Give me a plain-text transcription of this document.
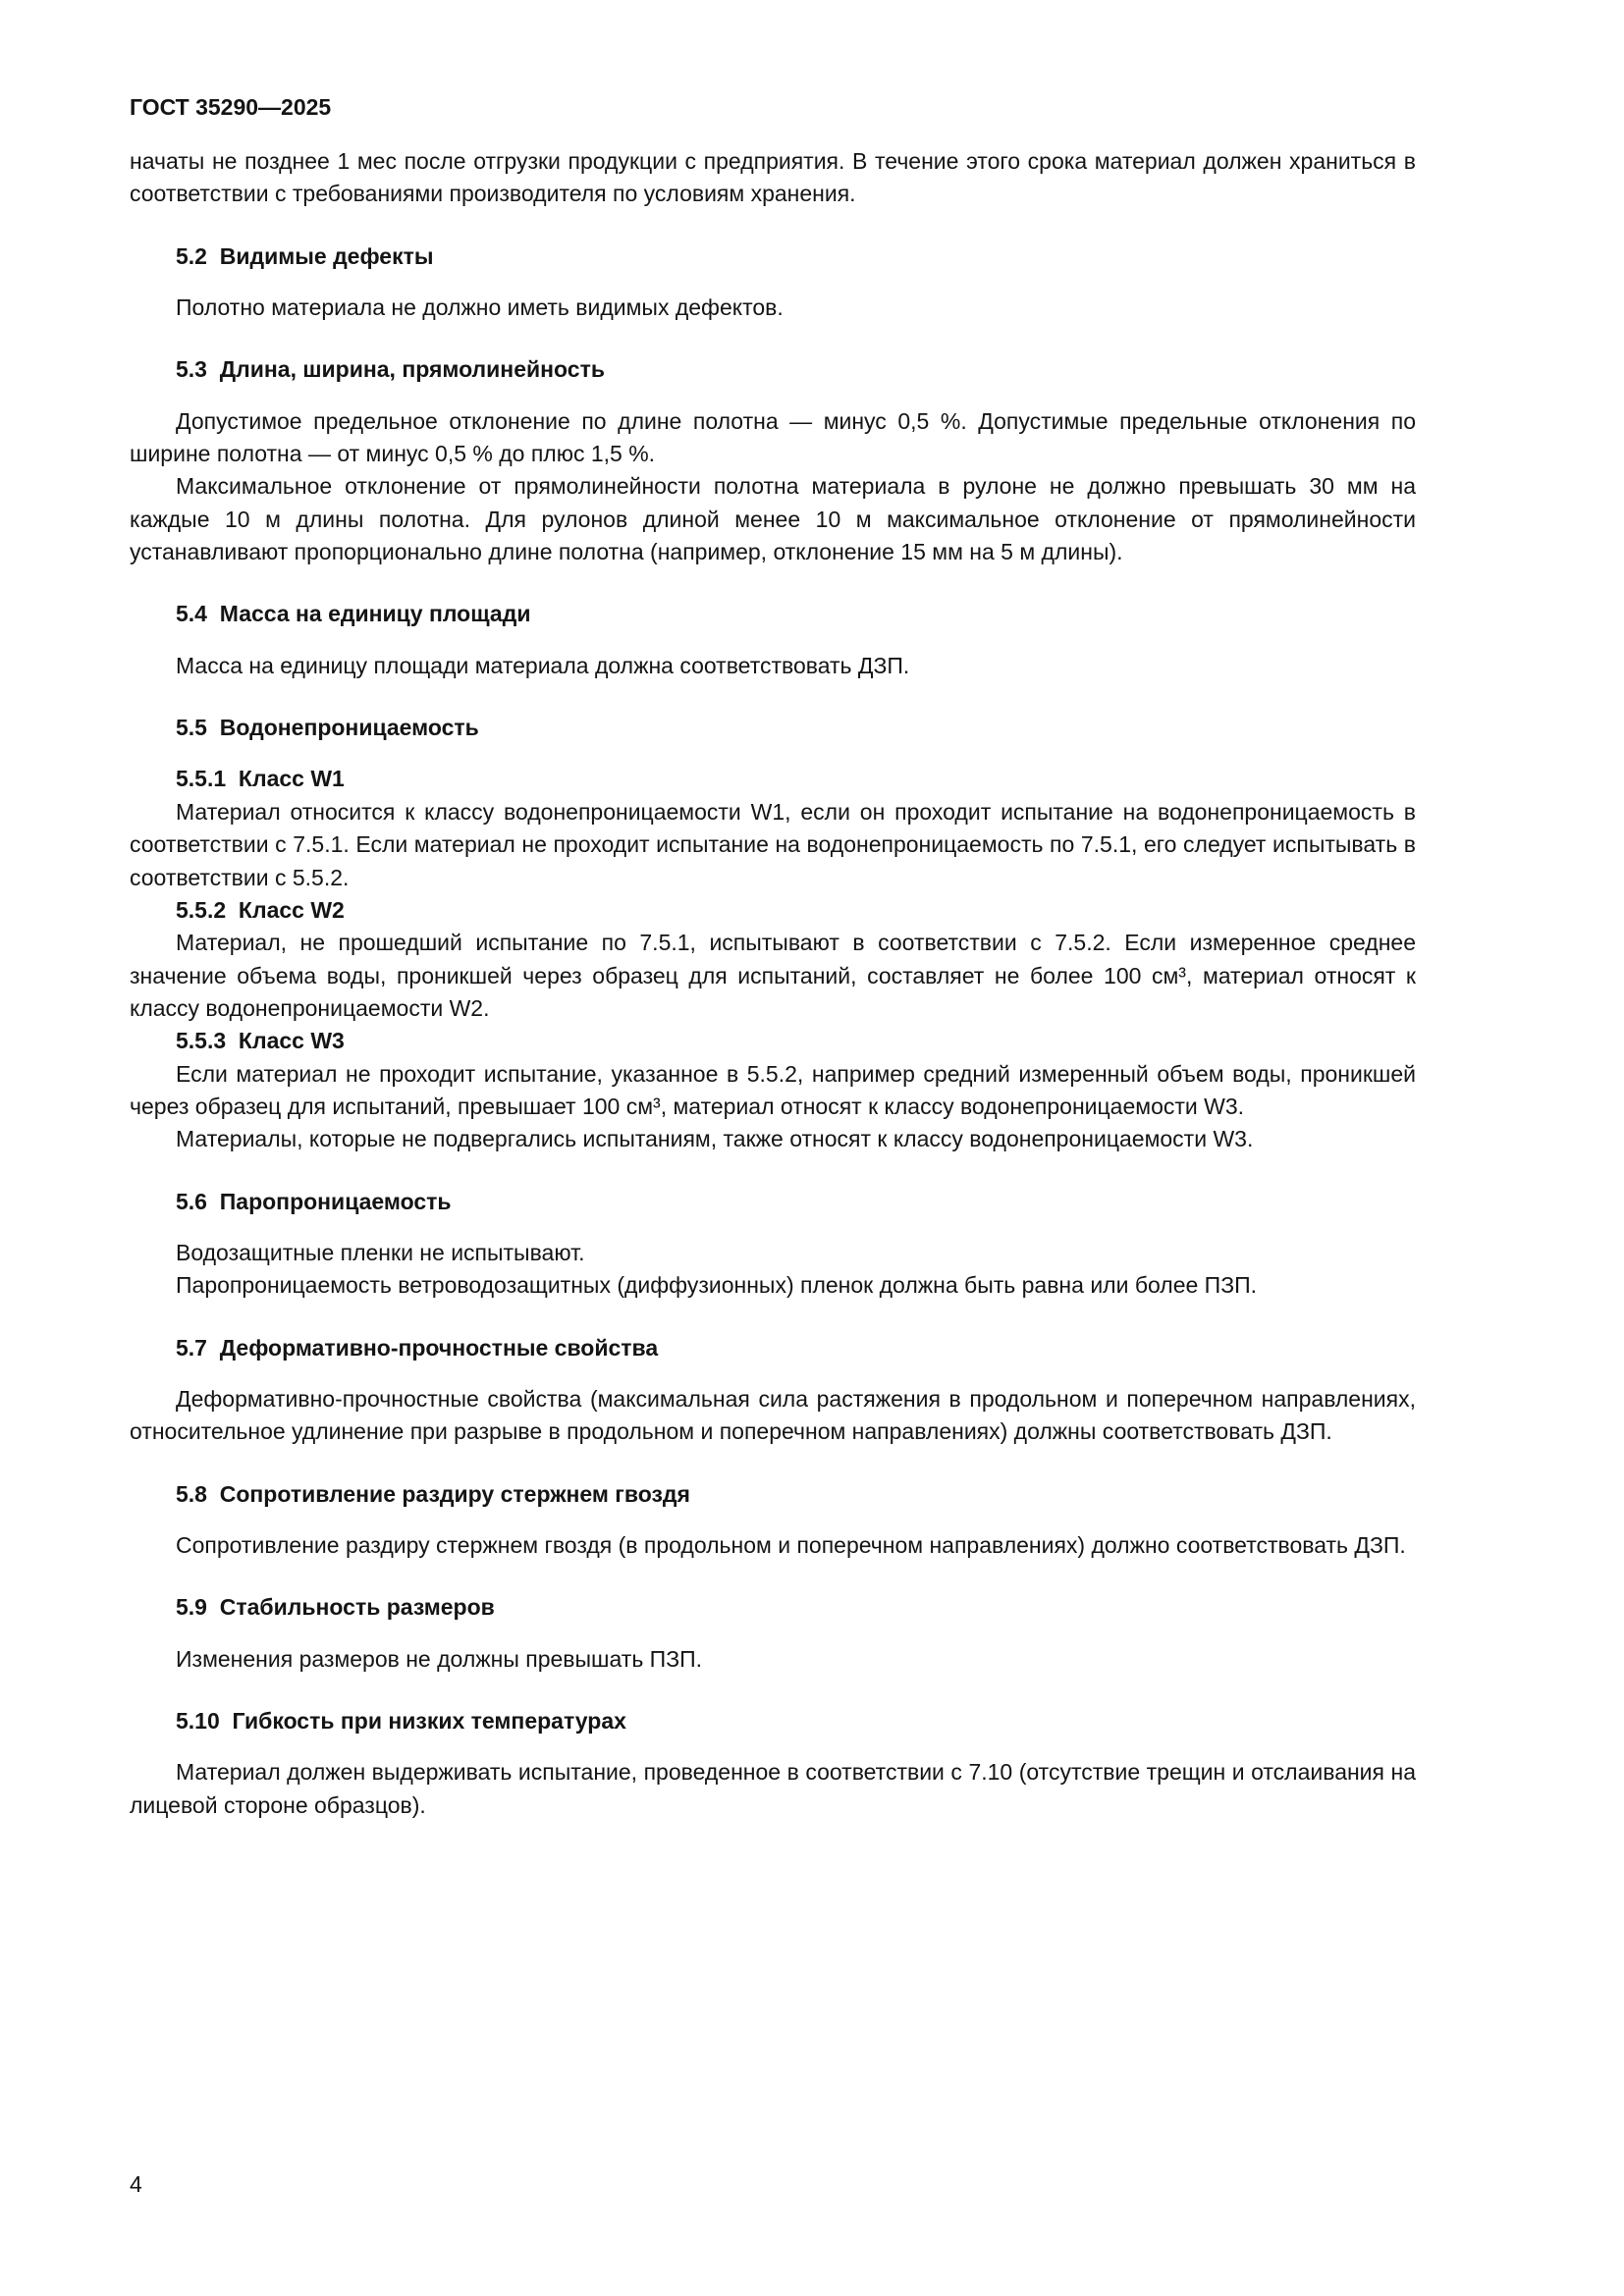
ГОСТ 35290—2025

начаты не позднее 1 мес после отгрузки продукции с предприятия. В течение этого срока материал должен храниться в соответствии с требованиями производителя по условиям хранения.

5.2  Видимые дефекты

Полотно материала не должно иметь видимых дефектов.

5.3  Длина, ширина, прямолинейность

Допустимое предельное отклонение по длине полотна — минус 0,5 %. Допустимые предельные отклонения по ширине полотна — от минус 0,5 % до плюс 1,5 %.

Максимальное отклонение от прямолинейности полотна материала в рулоне не должно превышать 30 мм на каждые 10 м длины полотна. Для рулонов длиной менее 10 м максимальное отклонение от прямолинейности устанавливают пропорционально длине полотна (например, отклонение 15 мм на 5 м длины).

5.4  Масса на единицу площади

Масса на единицу площади материала должна соответствовать ДЗП.

5.5  Водонепроницаемость

5.5.1  Класс W1

Материал относится к классу водонепроницаемости W1, если он проходит испытание на водонепроницаемость в соответствии с 7.5.1. Если материал не проходит испытание на водонепроницаемость по 7.5.1, его следует испытывать в соответствии с 5.5.2.

5.5.2  Класс W2

Материал, не прошедший испытание по 7.5.1, испытывают в соответствии с 7.5.2. Если измеренное среднее значение объема воды, проникшей через образец для испытаний, составляет не более 100 см³, материал относят к классу водонепроницаемости W2.

5.5.3  Класс W3

Если материал не проходит испытание, указанное в 5.5.2, например средний измеренный объем воды, проникшей через образец для испытаний, превышает 100 см³, материал относят к классу водонепроницаемости W3.

Материалы, которые не подвергались испытаниям, также относят к классу водонепроницаемости W3.

5.6  Паропроницаемость

Водозащитные пленки не испытывают.

Паропроницаемость ветроводозащитных (диффузионных) пленок должна быть равна или более ПЗП.

5.7  Деформативно-прочностные свойства

Деформативно-прочностные свойства (максимальная сила растяжения в продольном и поперечном направлениях, относительное удлинение при разрыве в продольном и поперечном направлениях) должны соответствовать ДЗП.

5.8  Сопротивление раздиру стержнем гвоздя

Сопротивление раздиру стержнем гвоздя (в продольном и поперечном направлениях) должно соответствовать ДЗП.

5.9  Стабильность размеров

Изменения размеров не должны превышать ПЗП.

5.10  Гибкость при низких температурах

Материал должен выдерживать испытание, проведенное в соответствии с 7.10 (отсутствие трещин и отслаивания на лицевой стороне образцов).

4
